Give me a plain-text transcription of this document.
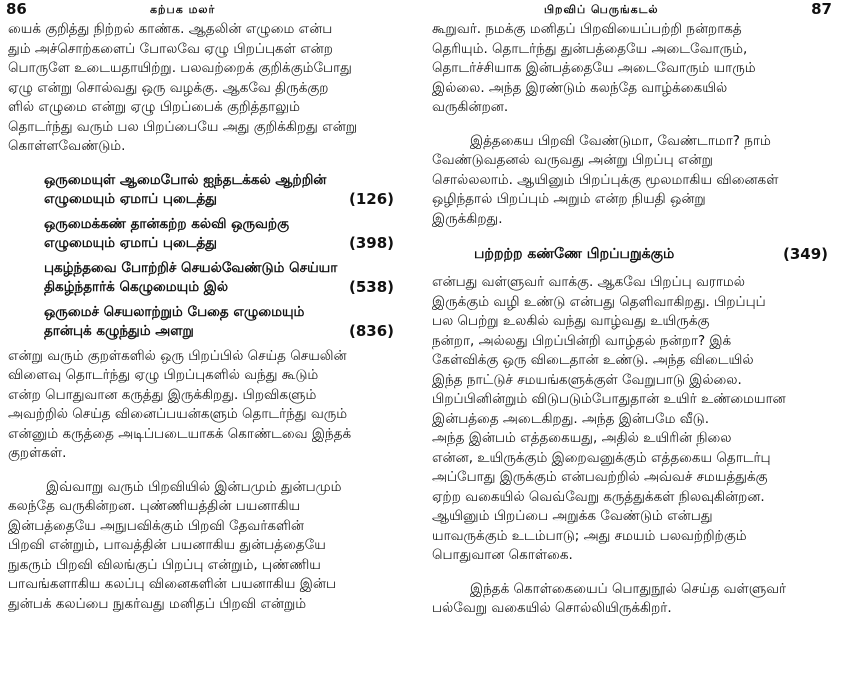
86	கற்பக மலர்

யைக் குறித்து நிற்றல் காண்க. ஆதலின் எழுமை என்ப
தும் அச்சொற்களைப் போலவே ஏழு பிறப்புகள் என்ற
பொருளே உடையதாயிற்று. பலவற்றைக் குறிக்கும்போது
ஏழு என்று சொல்வது ஒரு வழக்கு. ஆகவே திருக்குற
ளில் எழுமை என்று ஏழு பிறப்பைக் குறித்தாலும்
தொடர்ந்து வரும் பல பிறப்பையே அது குறிக்கிறது என்று
கொள்ளவேண்டும்.

ஒருமையுள் ஆமைபோல் ஐந்தடக்கல் ஆற்றின்
எழுமையும் ஏமாப் புடைத்து	(126)
ஒருமைக்கண் தான்கற்ற கல்வி ஒருவற்கு
எழுமையும் ஏமாப் புடைத்து	(398)
புகழ்ந்தவை போற்றிச் செயல்வேண்டும் செய்யா
திகழ்ந்தார்க் கெழுமையும் இல்	(538)
ஒருமைச் செயலாற்றும் பேதை எழுமையும்
தான்புக் கழுந்தும் அளறு	(836)

என்று வரும் குறள்களில் ஒரு பிறப்பில் செய்த செயலின்
விளைவு தொடர்ந்து ஏழு பிறப்புகளில் வந்து கூடும்
என்ற பொதுவான கருத்து இருக்கிறது. பிறவிகளும்
அவற்றில் செய்த வினைப்பயன்களும் தொடர்ந்து வரும்
என்னும் கருத்தை அடிப்படையாகக் கொண்டவை இந்தக்
குறள்கள்.

இவ்வாறு வரும் பிறவியில் இன்பமும் துன்பமும்
கலந்தே வருகின்றன. புண்ணியத்தின் பயனாகிய
இன்பத்தையே அநுபவிக்கும் பிறவி தேவர்களின்
பிறவி என்றும், பாவத்தின் பயனாகிய துன்பத்தையே
நுகரும் பிறவி விலங்குப் பிறப்பு என்றும், புண்ணிய
பாவங்களாகிய கலப்பு வினைகளின் பயனாகிய இன்ப
துன்பக் கலப்பை நுகர்வது மனிதப் பிறவி என்றும்

பிறவிப் பெருங்கடல்	87

கூறுவர். நமக்கு மனிதப் பிறவியைப்பற்றி நன்றாகத்
தெரியும். தொடர்ந்து துன்பத்தையே அடைவோரும்,
தொடர்ச்சியாக இன்பத்தையே அடைவோரும் யாரும்
இல்லை. அந்த இரண்டும் கலந்தே வாழ்க்கையில்
வருகின்றன.

இத்தகைய பிறவி வேண்டுமா, வேண்டாமா? நாம்
வேண்டுவதனல் வருவது அன்று பிறப்பு என்று
சொல்லலாம். ஆயினும் பிறப்புக்கு மூலமாகிய வினைகள்
ஒழிந்தால் பிறப்பும் அறும் என்ற நியதி ஒன்று
இருக்கிறது.

பற்றற்ற கண்ணே பிறப்பறுக்கும்	(349)

என்பது வள்ளுவர் வாக்கு. ஆகவே பிறப்பு வராமல்
இருக்கும் வழி உண்டு என்பது தெளிவாகிறது. பிறப்புப்
பல பெற்று உலகில் வந்து வாழ்வது உயிருக்கு
நன்றா, அல்லது பிறப்பின்றி வாழ்தல் நன்றா? இக்
கேள்விக்கு ஒரு விடைதான் உண்டு. அந்த விடையில்
இந்த நாட்டுச் சமயங்களுக்குள் வேறுபாடு இல்லை.
பிறப்பினின்றும் விடுபடும்போதுதான் உயிர் உண்மையான
இன்பத்தை அடைகிறது. அந்த இன்பமே வீடு.
அந்த இன்பம் எத்தகையது, அதில் உயிரின் நிலை
என்ன, உயிருக்கும் இறைவனுக்கும் எத்தகைய தொடர்பு
அப்போது இருக்கும் என்பவற்றில் அவ்வச் சமயத்துக்கு
ஏற்ற வகையில் வெவ்வேறு கருத்துக்கள் நிலவுகின்றன.
ஆயினும் பிறப்பை அறுக்க வேண்டும் என்பது
யாவருக்கும் உடம்பாடு; அது சமயம் பலவற்றிற்கும்
பொதுவான கொள்கை.

இந்தக் கொள்கையைப் பொதுநூல் செய்த வள்ளுவர்
பல்வேறு வகையில் சொல்லியிருக்கிறர்.
